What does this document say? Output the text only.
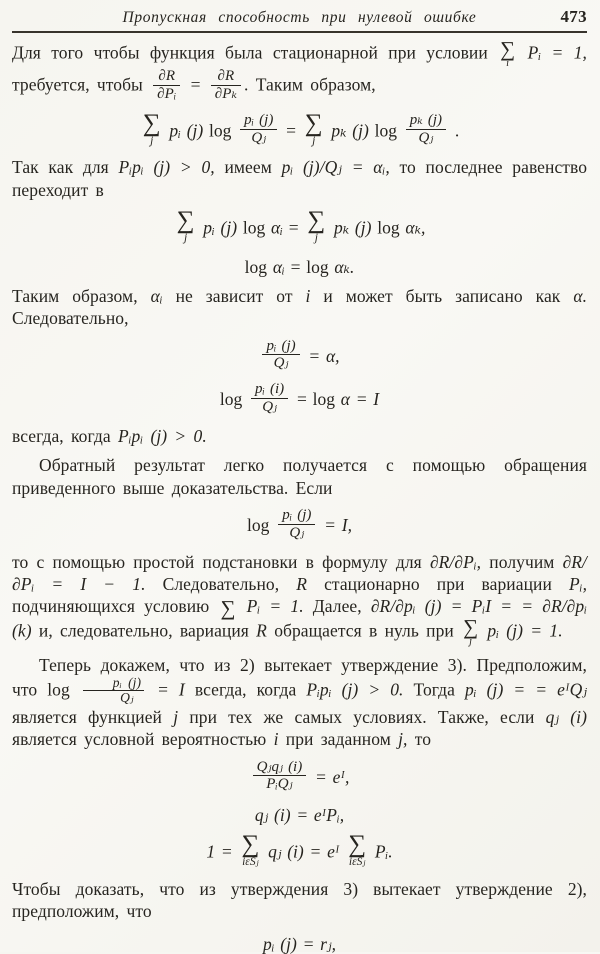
Пропускная способность при нулевой ошибке	473

Для того чтобы функция была стационарной при условии ∑
i
Pᵢ = 1, требуется, чтобы $\frac{\partial R}{\text{∂Pᵢ}} = \frac{\partial R}{\text{∂Pₖ}}$ . Таким образом,

∑
j
pᵢ (j) $\log \frac{\text{pᵢ (j)}}{\text{Qⱼ}}$ = ∑
j
pₖ (j) $\log \frac{\text{pₖ (j)}}{\text{Qⱼ}}$ .

Так как для Pᵢpᵢ (j) > 0, имеем pᵢ (j)/Qⱼ = αᵢ, то последнее равенство переходит в

∑
j
pᵢ (j) log αᵢ = ∑
j
pₖ (j) log αₖ,
log αᵢ = log αₖ.

Таким образом, αᵢ не зависит от i и может быть записано как α. Следовательно,

$\frac{\text{pᵢ (j)}}{\text{Qⱼ}} = \alpha$,
$\log \frac{\text{pᵢ (i)}}{\text{Qⱼ}} = \log \alpha = I$

всегда, когда Pᵢpᵢ (j) > 0.

Обратный результат легко получается с помощью обращения приведенного выше доказательства. Если

$\log \frac{\text{pᵢ (j)}}{\text{Qⱼ}} = I$,

то с помощью простой подстановки в формулу для ∂R/∂Pᵢ, получим ∂R/∂Pᵢ = I − 1. Следовательно, R стационарно при вариации Pᵢ, подчиняющихся условию ∑ Pᵢ = 1. Далее, ∂R/∂pᵢ (j) = PᵢI = = ∂R/∂pᵢ (k) и, следовательно, вариация R обращается в нуль при ∑
j
pᵢ (j) = 1.

Теперь докажем, что из 2) вытекает утверждение 3). Предположим, что $\log \frac{\text{pᵢ (j)}}{\text{Qⱼ}} = I$ всегда, когда Pᵢpᵢ (j) > 0. Тогда pᵢ (j) = = eᴵQⱼ является функцией j при тех же самых условиях. Также, если qⱼ (i) является условной вероятностью i при заданном j, то

$\frac{\text{Qⱼqⱼ (i)}}{\text{PᵢQⱼ}}$ = eᴵ,
qⱼ (i) = eᴵPᵢ,
1 = ∑
iεSⱼ
qⱼ (i) = eᴵ ∑
iεSⱼ
Pᵢ.

Чтобы доказать, что из утверждения 3) вытекает утверждение 2), предположим, что

pᵢ (j) = rⱼ,
